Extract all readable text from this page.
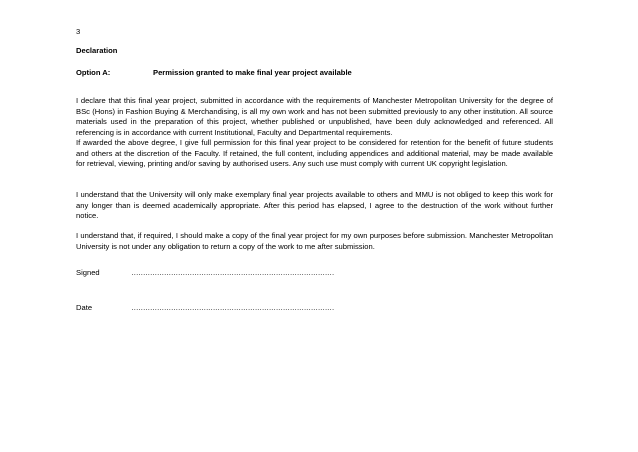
3
Declaration
Option A:	Permission granted to make final year project available

I declare that this final year project, submitted in accordance with the requirements of Manchester Metropolitan University for the degree of BSc (Hons) in Fashion Buying & Merchandising, is all my own work and has not been submitted previously to any other institution. All source materials used in the preparation of this project, whether published or unpublished, have been duly acknowledged and referenced. All referencing is in accordance with current Institutional, Faculty and Departmental requirements.

If awarded the above degree, I give full permission for this final year project to be considered for retention for the benefit of future students and others at the discretion of the Faculty. If retained, the full content, including appendices and additional material, may be made available for retrieval, viewing, printing and/or saving by authorised users. Any such use must comply with current UK copyright legislation.

I understand that the University will only make exemplary final year projects available to others and MMU is not obliged to keep this work for any longer than is deemed academically appropriate. After this period has elapsed, I agree to the destruction of the work without further notice.

I understand that, if required, I should make a copy of the final year project for my own purposes before submission. Manchester Metropolitan University is not under any obligation to return a copy of the work to me after submission.

Signed	……………………………………………………………………………
Date	……………………………………………………………………………
